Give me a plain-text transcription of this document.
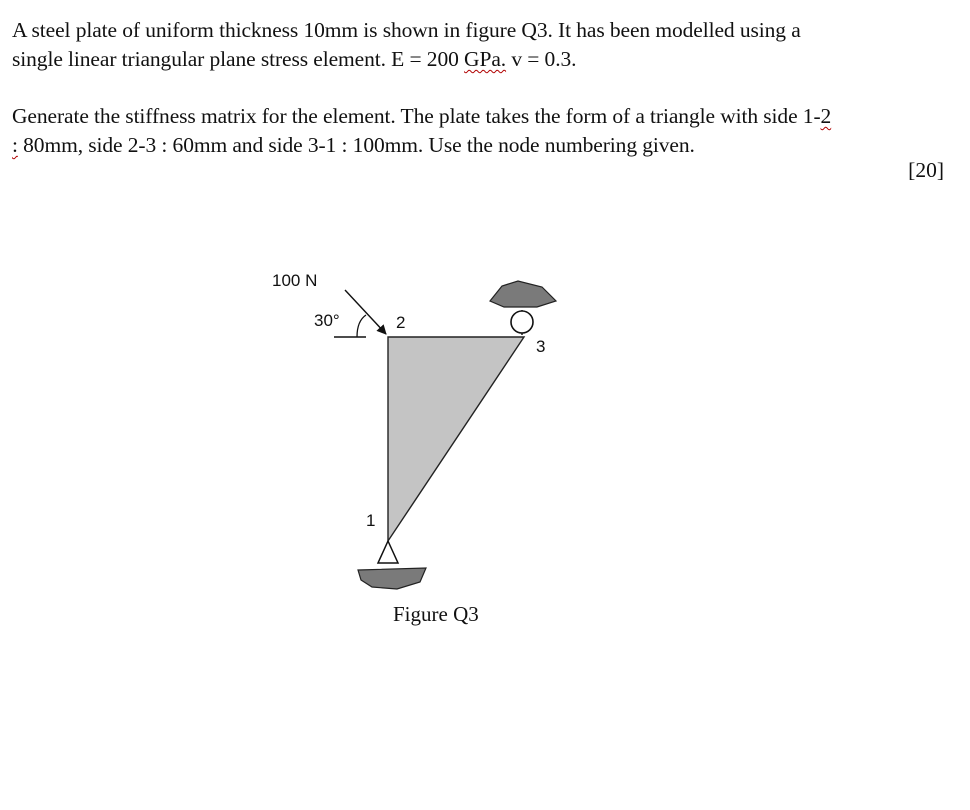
A steel plate of uniform thickness 10mm is shown in figure Q3. It has been modelled using a
single linear triangular plane stress element. E = 200 GPa. v = 0.3.
Generate the stiffness matrix for the element. The plate takes the form of a triangle with side 1-2
: 80mm, side 2-3 : 60mm and side 3-1 : 100mm. Use the node numbering given.
[20]
100 N
30°	2
3
1
Figure Q3
